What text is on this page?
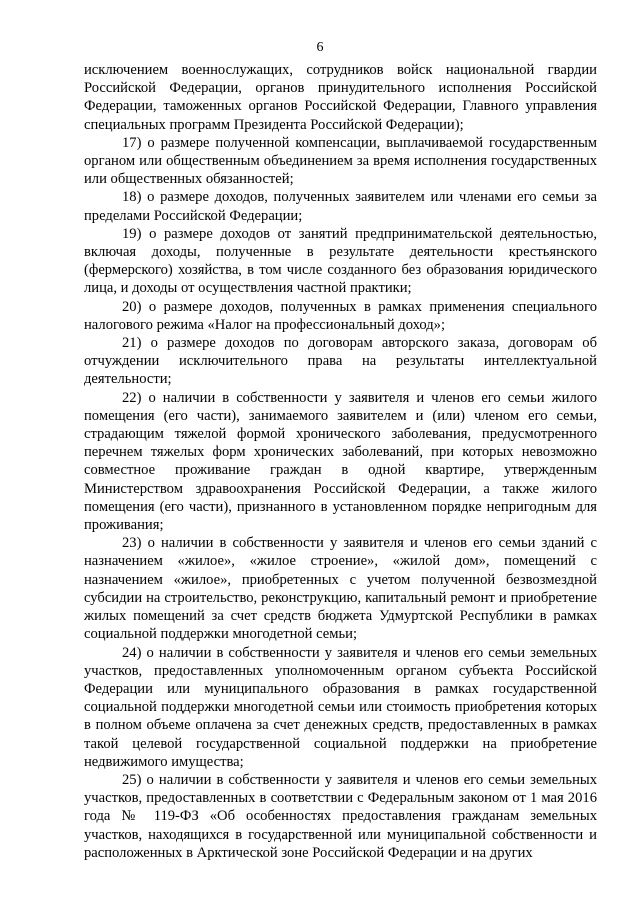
6

исключением военнослужащих, сотрудников войск национальной гвардии Российской Федерации, органов принудительного исполнения Российской Федерации, таможенных органов Российской Федерации, Главного управления специальных программ Президента Российской Федерации);

17) о размере полученной компенсации, выплачиваемой государственным органом или общественным объединением за время исполнения государственных или общественных обязанностей;

18) о размере доходов, полученных заявителем или членами его семьи за пределами Российской Федерации;

19) о размере доходов от занятий предпринимательской деятельностью, включая доходы, полученные в результате деятельности крестьянского (фермерского) хозяйства, в том числе созданного без образования юридического лица, и доходы от осуществления частной практики;

20) о размере доходов, полученных в рамках применения специального налогового режима «Налог на профессиональный доход»;

21) о размере доходов по договорам авторского заказа, договорам об отчуждении исключительного права на результаты интеллектуальной деятельности;

22) о наличии в собственности у заявителя и членов его семьи жилого помещения (его части), занимаемого заявителем и (или) членом его семьи, страдающим тяжелой формой хронического заболевания, предусмотренного перечнем тяжелых форм хронических заболеваний, при которых невозможно совместное проживание граждан в одной квартире, утвержденным Министерством здравоохранения Российской Федерации, а также жилого помещения (его части), признанного в установленном порядке непригодным для проживания;

23) о наличии в собственности у заявителя и членов его семьи зданий с назначением «жилое», «жилое строение», «жилой дом», помещений с назначением «жилое», приобретенных с учетом полученной безвозмездной субсидии на строительство, реконструкцию, капитальный ремонт и приобретение жилых помещений за счет средств бюджета Удмуртской Республики в рамках социальной поддержки многодетной семьи;

24) о наличии в собственности у заявителя и членов его семьи земельных участков, предоставленных уполномоченным органом субъекта Российской Федерации или муниципального образования в рамках государственной социальной поддержки многодетной семьи или стоимость приобретения которых в полном объеме оплачена за счет денежных средств, предоставленных в рамках такой целевой государственной социальной поддержки на приобретение недвижимого имущества;

25) о наличии в собственности у заявителя и членов его семьи земельных участков, предоставленных в соответствии с Федеральным законом от 1 мая 2016 года № 119-ФЗ «Об особенностях предоставления гражданам земельных участков, находящихся в государственной или муниципальной собственности и расположенных в Арктической зоне Российской Федерации и на других
